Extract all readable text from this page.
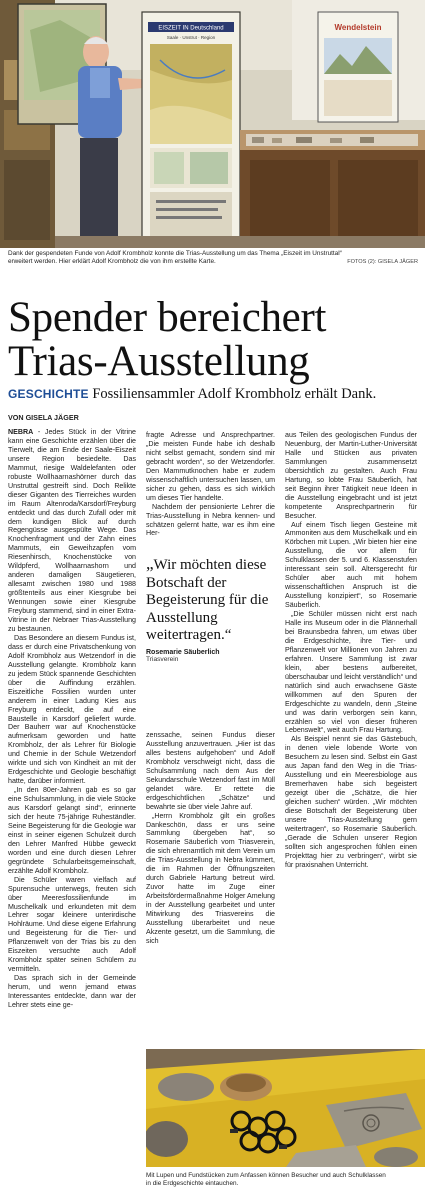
EISZEIT IN Deutschland
Saale · Unstrut · Region
Wendelstein
Dank der gespendeten Funde von Adolf Krombholz konnte die Trias-Ausstellung um das Thema „Eiszeit im Unstruttal“
erweitert werden. Hier erklärt Adolf Krombholz die von ihm erstellte Karte.	FOTOS (2): GISELA JÄGER
Spender bereichert
Trias-Ausstellung
GESCHICHTE Fossiliensammler Adolf Krombholz erhält Dank.
VON GISELA JÄGER

NEBRA - Jedes Stück in der Vitrine kann eine Geschichte erzählen über die Tierwelt, die am Ende der Saale-Eiszeit unsere Region besiedelte. Das Mammut, riesige Waldelefanten oder robuste Wollhaarnashörner durch das Unstruttal gestreift sind. Doch Relikte dieser Giganten des Tierreiches wurden im Raum Altenroda/Karsdorf/Freyburg entdeckt und das durch Zufall oder mit dem kundigen Blick auf durch Regengüsse ausgespülte Wege. Das Knochenfragment und der Zahn eines Mammuts, ein Geweihzapfen vom Riesenhirsch, Knochenstücke von Wildpferd, Wollhaarnashorn und anderen damaligen Säugetieren, allesamt zwischen 1980 und 1988 größtenteils aus einer Kiesgrube bei Wennungen sowie einer Kiesgrube Freyburg stammend, sind in einer Extra-Vitrine in der Nebraer Trias-Ausstellung zu bestaunen.

Das Besondere an diesem Fundus ist, dass er durch eine Privatschenkung von Adolf Krombholz aus Wetzendorf in die Ausstellung gelangte. Krombholz kann zu jedem Stück spannende Geschichten über die Auffindung erzählen. Eiszeitliche Fossilien wurden unter anderem in einer Ladung Kies aus Freyburg entdeckt, die auf eine Baustelle in Karsdorf geliefert wurde. Der Bauherr war auf Knochenstücke aufmerksam geworden und hatte Krombholz, der als Lehrer für Biologie und Chemie in der Schule Wetzendorf wirkte und sich von Kindheit an mit der Erdgeschichte und Geologie beschäftigt hatte, darüber informiert.

„In den 80er-Jahren gab es so gar eine Schulsammlung, in die viele Stücke aus Karsdorf gelangt sind“, erinnerte sich der heute 75-jährige Ruheständler. Seine Begeisterung für die Geologie war einst in seiner eigenen Schulzeit durch den Lehrer Manfred Hübbe geweckt worden und eine durch diesen Lehrer gegründete Schularbeitsgemeinschaft, erzählte Adolf Krombholz.

Die Schüler waren vielfach auf Spurensuche unterwegs, freuten sich über Meeresfossilienfunde im Muschelkalk und erkundeten mit dem Lehrer sogar kleinere unterirdische Hohlräume. Und diese eigene Erfahrung und Begeisterung für die Tier- und Pflanzenwelt von der Trias bis zu den Eiszeiten versuchte auch Adolf Krombholz später seinen Schülern zu vermitteln.

Das sprach sich in der Gemeinde herum, und wenn jemand etwas Interessantes entdeckte, dann war der Lehrer stets eine ge-

fragte Adresse und Ansprechpartner. „Die meisten Funde habe ich deshalb nicht selbst gemacht, sondern sind mir gebracht worden“, so der Wetzendorfer. Den Mammutknochen habe er zudem wissenschaftlich untersuchen lassen, um sicher zu gehen, dass es sich wirklich um dieses Tier handelte.

Nachdem der pensionierte Lehrer die Trias-Ausstellung in Nebra kennen- und schätzen gelernt hatte, war es ihm eine Her-

„Wir möchten diese Botschaft der Begeisterung für die Ausstellung weitertragen.“
Rosemarie Säuberlich
Triasverein

zenssache, seinen Fundus dieser Ausstellung anzuvertrauen. „Hier ist das alles bestens aufgehoben“ und Adolf Krombholz verschweigt nicht, dass die Schulsammlung nach dem Aus der Sekundarschule Wetzendorf fast im Müll gelandet wäre. Er rettete die erdgeschichtlichen „Schätze“ und bewahrte sie über viele Jahre auf.

„Herrn Krombholz gilt ein großes Dankeschön, dass er uns seine Sammlung übergeben hat“, so Rosemarie Säuberlich vom Triasverein, die sich ehrenamtlich mit dem Verein um die Trias-Ausstellung in Nebra kümmert, die im Rahmen der Öffnungszeiten durch Gabriele Hartung betreut wird. Zuvor hatte im Zuge einer Arbeitsfördermaßnahme Holger Amelung in der Ausstellung gearbeitet und unter Mitwirkung des Triasvereins die Ausstellung überarbeitet und neue Akzente gesetzt, um die Sammlung, die sich

aus Teilen des geologischen Fundus der Neuenburg, der Martin-Luther-Universität Halle und Stücken aus privaten Sammlungen zusammensetzt übersichtlich zu gestalten. Auch Frau Hartung, so lobte Frau Säuberlich, hat seit Beginn ihrer Tätigkeit neue Ideen in die Ausstellung eingebracht und ist jetzt kompetente Ansprechpartnerin für Besucher.

Auf einem Tisch liegen Gesteine mit Ammoniten aus dem Muschelkalk und ein Körbchen mit Lupen. „Wir bieten hier eine Ausstellung, die vor allem für Schulklassen der 5. und 6. Klassenstufen interessant sein soll. Altersgerecht für Schüler aber auch mit hohem wissenschaftlichen Anspruch ist die Ausstellung konzipiert“, so Rosemarie Säuberlich.

„Die Schüler müssen nicht erst nach Halle ins Museum oder in die Plännerhall bei Braunsbedra fahren, um etwas über die Erdgeschichte, ihre Tier- und Pflanzenwelt vor Millionen von Jahren zu erfahren. Unsere Sammlung ist zwar klein, aber bestens aufbereitet, überschaubar und leicht verständlich“ und natürlich sind auch erwachsene Gäste willkommen auf den Spuren der Erdgeschichte zu wandeln, denn „Steine und was darin verborgen sein kann, erzählen so viel von dieser früheren Lebenswelt“, weit auch Frau Hartung.

Als Beispiel nennt sie das Gästebuch, in denen viele lobende Worte von Besuchern zu lesen sind. Selbst ein Gast aus Japan fand den Weg in die Trias-Ausstellung und ein Meeresbiologe aus Bremerhaven habe sich begeistert gezeigt über die „Schätze, die hier gleichen suchen“ würden. „Wir möchten diese Botschaft der Begeisterung über unsere Trias-Ausstellung gern weitertragen“, so Rosemarie Säuberlich. „Gerade die Schulen unserer Region sollten sich angesprochen fühlen einen Projekttag hier zu verbringen“, wirbt sie für praxisnahen Unterricht.

Mit Lupen und Fundstücken zum Anfassen können Besucher und auch Schulklassen
in die Erdgeschichte eintauchen.
